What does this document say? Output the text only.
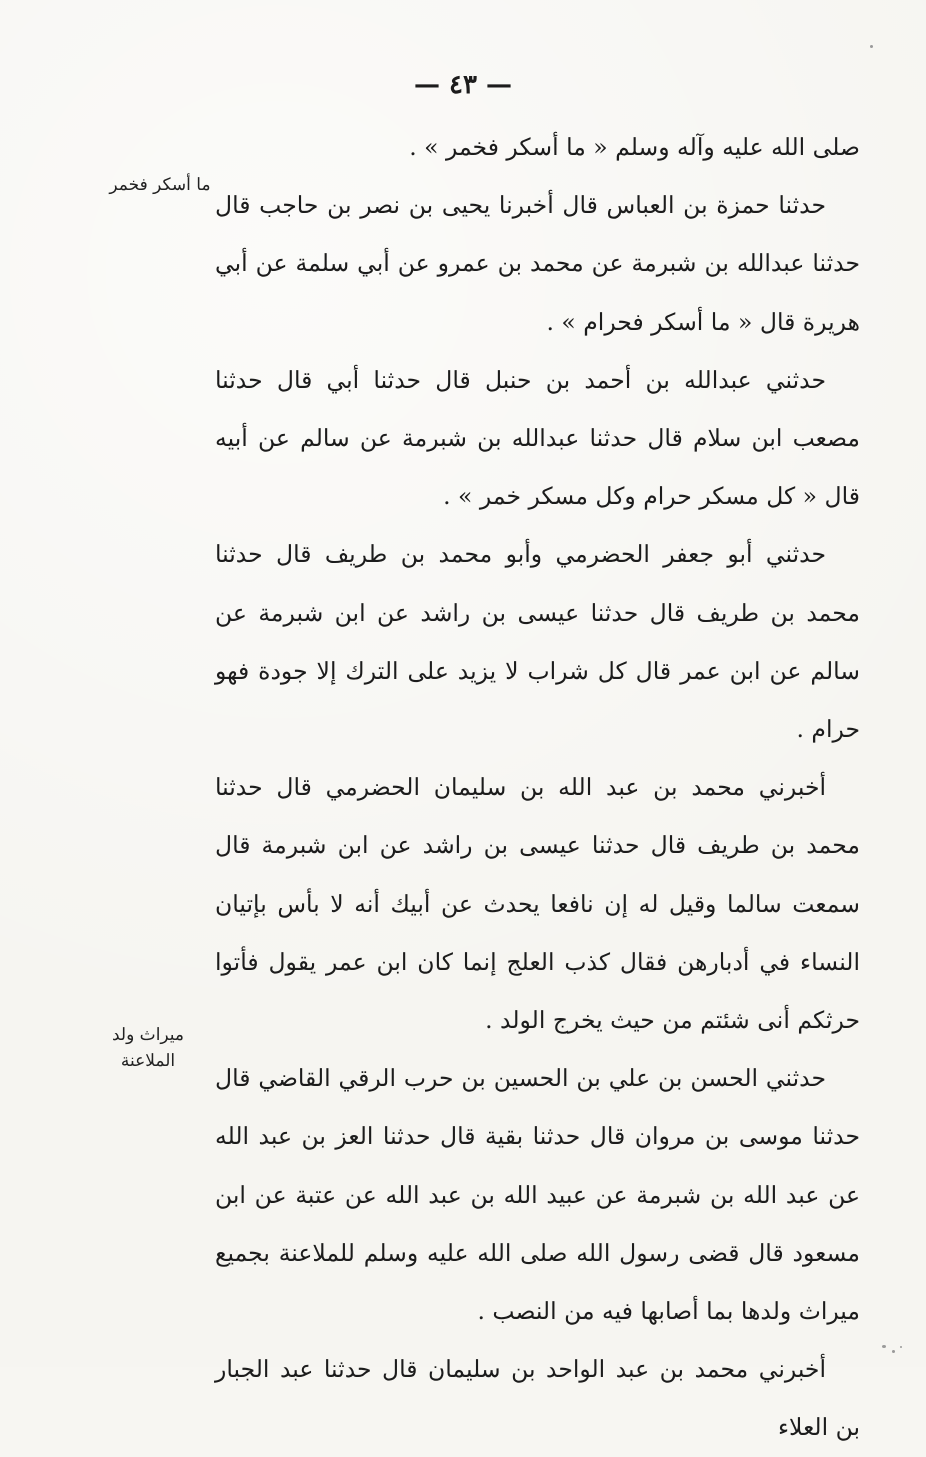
— ٤٣ —
ما أسكر فخمر
ميراث ولد الملاعنة

صلى الله عليه وآله وسلم « ما أسكر فخمر » .

حدثنا حمزة بن العباس قال أخبرنا يحيى بن نصر بن حاجب قال حدثنا عبدالله بن شبرمة عن محمد بن عمرو عن أبي سلمة عن أبي هريرة قال « ما أسكر فحرام » .

حدثني عبدالله بن أحمد بن حنبل قال حدثنا أبي قال حدثنا مصعب ابن سلام قال حدثنا عبدالله بن شبرمة عن سالم عن أبيه قال « كل مسكر حرام وكل مسكر خمر » .

حدثني أبو جعفر الحضرمي وأبو محمد بن طريف قال حدثنا محمد بن طريف قال حدثنا عيسى بن راشد عن ابن شبرمة عن سالم عن ابن عمر قال كل شراب لا يزيد على الترك إلا جودة فهو حرام .

أخبرني محمد بن عبد الله بن سليمان الحضرمي قال حدثنا محمد بن طريف قال حدثنا عيسى بن راشد عن ابن شبرمة قال سمعت سالما وقيل له إن نافعا يحدث عن أبيك أنه لا بأس بإتيان النساء في أدبارهن فقال كذب العلج إنما كان ابن عمر يقول فأتوا حرثكم أنى شئتم من حيث يخرج الولد .

حدثني الحسن بن علي بن الحسين بن حرب الرقي القاضي قال حدثنا موسى بن مروان قال حدثنا بقية قال حدثنا العز بن عبد الله عن عبد الله بن شبرمة عن عبيد الله بن عبد الله عن عتبة عن ابن مسعود قال قضى رسول الله صلى الله عليه وسلم للملاعنة بجميع ميراث ولدها بما أصابها فيه من النصب .

أخبرني محمد بن عبد الواحد بن سليمان قال حدثنا عبد الجبار بن العلاء
